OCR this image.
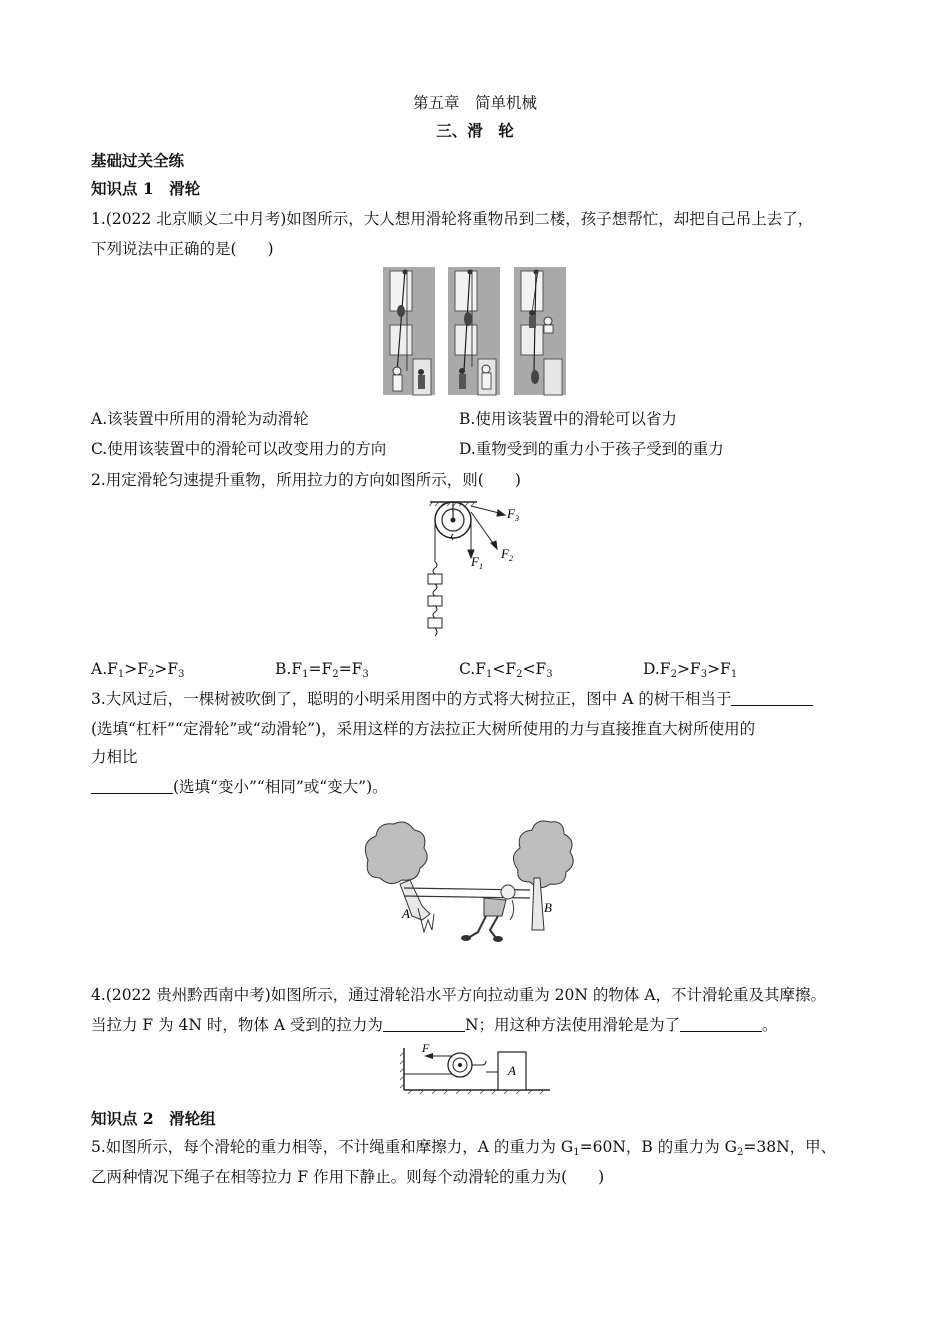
第五章　简单机械
三、滑　轮
基础过关全练
知识点 1　滑轮
1.(2022 北京顺义二中月考)如图所示，大人想用滑轮将重物吊到二楼，孩子想帮忙，却把自己吊上去了，
下列说法中正确的是(　　)
A.该装置中所用的滑轮为动滑轮	B.使用该装置中的滑轮可以省力
C.使用该装置中的滑轮可以改变用力的方向	D.重物受到的重力小于孩子受到的重力
2.用定滑轮匀速提升重物，所用拉力的方向如图所示，则(　　)
$F_3$
$F_2$
$F_1$
$A.F_1>F_2>F_3$	$B.F_1=F_2=F_3$	$C.F_1<F_2<F_3$	$D.F_2>F_3>F_1$
3.大风过后，一棵树被吹倒了，聪明的小明采用图中的方式将大树拉正，图中 A 的树干相当于
(选填“杠杆”“定滑轮”或“动滑轮”)，采用这样的方法拉正大树所使用的力与直接推直大树所使用的
力相比
(选填“变小”“相同”或“变大”)。
A	B
4.(2022 贵州黔西南中考)如图所示，通过滑轮沿水平方向拉动重为 20N 的物体 A，不计滑轮重及其摩擦。
当拉力 F 为 4N 时，物体 A 受到的拉力为	N；用这种方法使用滑轮是为了	。
F
A
知识点 2　滑轮组
5.如图所示，每个滑轮的重力相等，不计绳重和摩擦力，A 的重力为 $G_1=60N$，B 的重力为 $G_2=38N$，甲、
乙两种情况下绳子在相等拉力 F 作用下静止。则每个动滑轮的重力为(　　)
